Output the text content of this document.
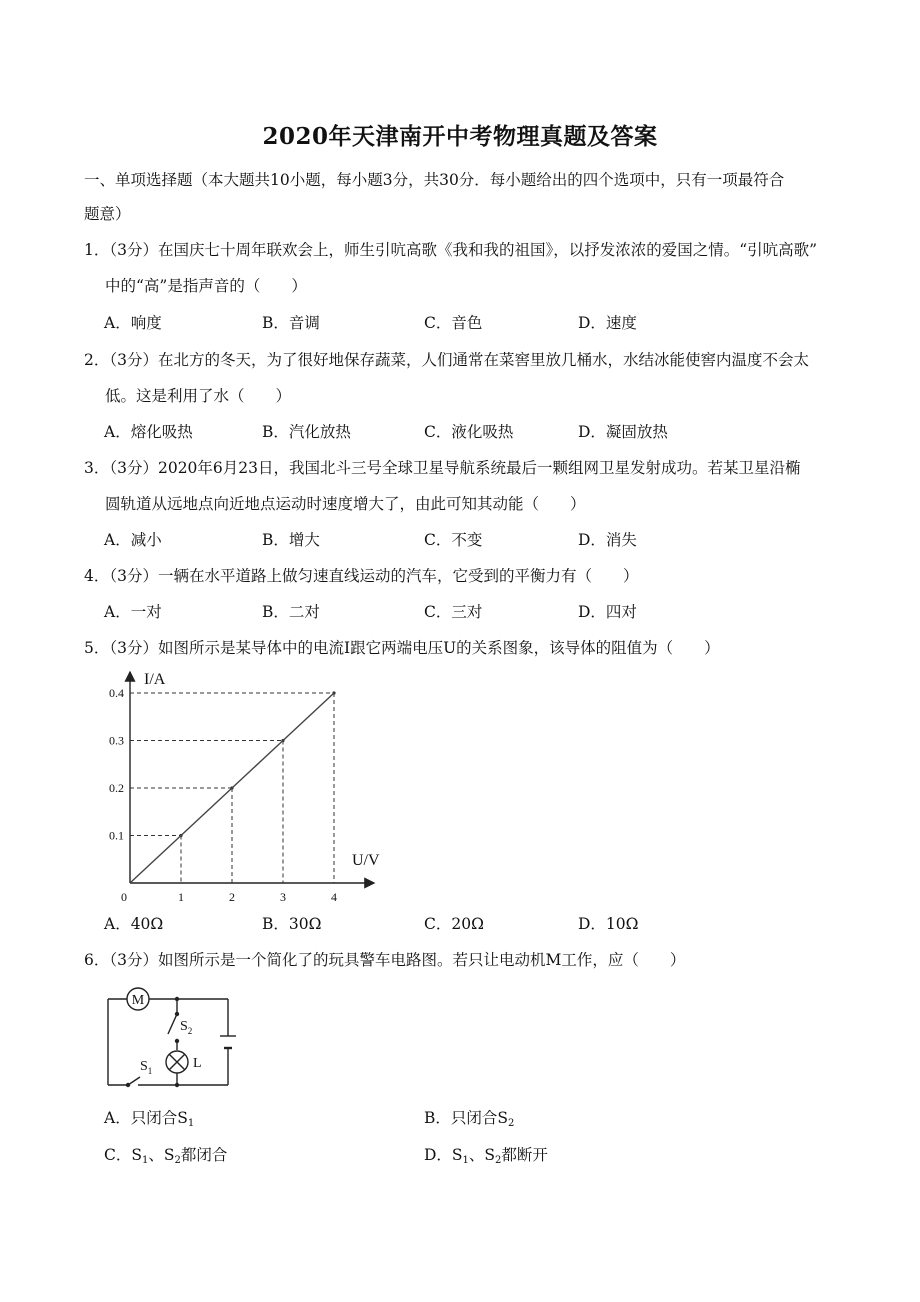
2020年天津南开中考物理真题及答案
一、单项选择题（本大题共10小题，每小题3分，共30分．每小题给出的四个选项中，只有一项最符合
题意）
1．（3分）在国庆七十周年联欢会上，师生引吭高歌《我和我的祖国》，以抒发浓浓的爱国之情。“引吭高歌”
中的“高”是指声音的（　　）
A．响度	B．音调	C．音色	D．速度
2．（3分）在北方的冬天，为了很好地保存蔬菜，人们通常在菜窖里放几桶水，水结冰能使窖内温度不会太
低。这是利用了水（　　）
A．熔化吸热	B．汽化放热	C．液化吸热	D．凝固放热
3．（3分）2020年6月23日，我国北斗三号全球卫星导航系统最后一颗组网卫星发射成功。若某卫星沿椭
圆轨道从远地点向近地点运动时速度增大了，由此可知其动能（　　）
A．减小	B．增大	C．不变	D．消失
4．（3分）一辆在水平道路上做匀速直线运动的汽车，它受到的平衡力有（　　）
A．一对	B．二对	C．三对	D．四对
5．（3分）如图所示是某导体中的电流I跟它两端电压U的关系图象，该导体的阻值为（　　）
U/V
I/A
0	1	2	3	4
0.1
0.2
0.3
0.4
A．40Ω	B．30Ω	C．20Ω	D．10Ω
6．（3分）如图所示是一个简化了的玩具警车电路图。若只让电动机M工作，应（　　）
M
$S_2$
$S_1$	L
A．只闭合$S_1$	B．只闭合$S_2$
C．$S_1$、$S_2$都闭合	D．$S_1$、$S_2$都断开
